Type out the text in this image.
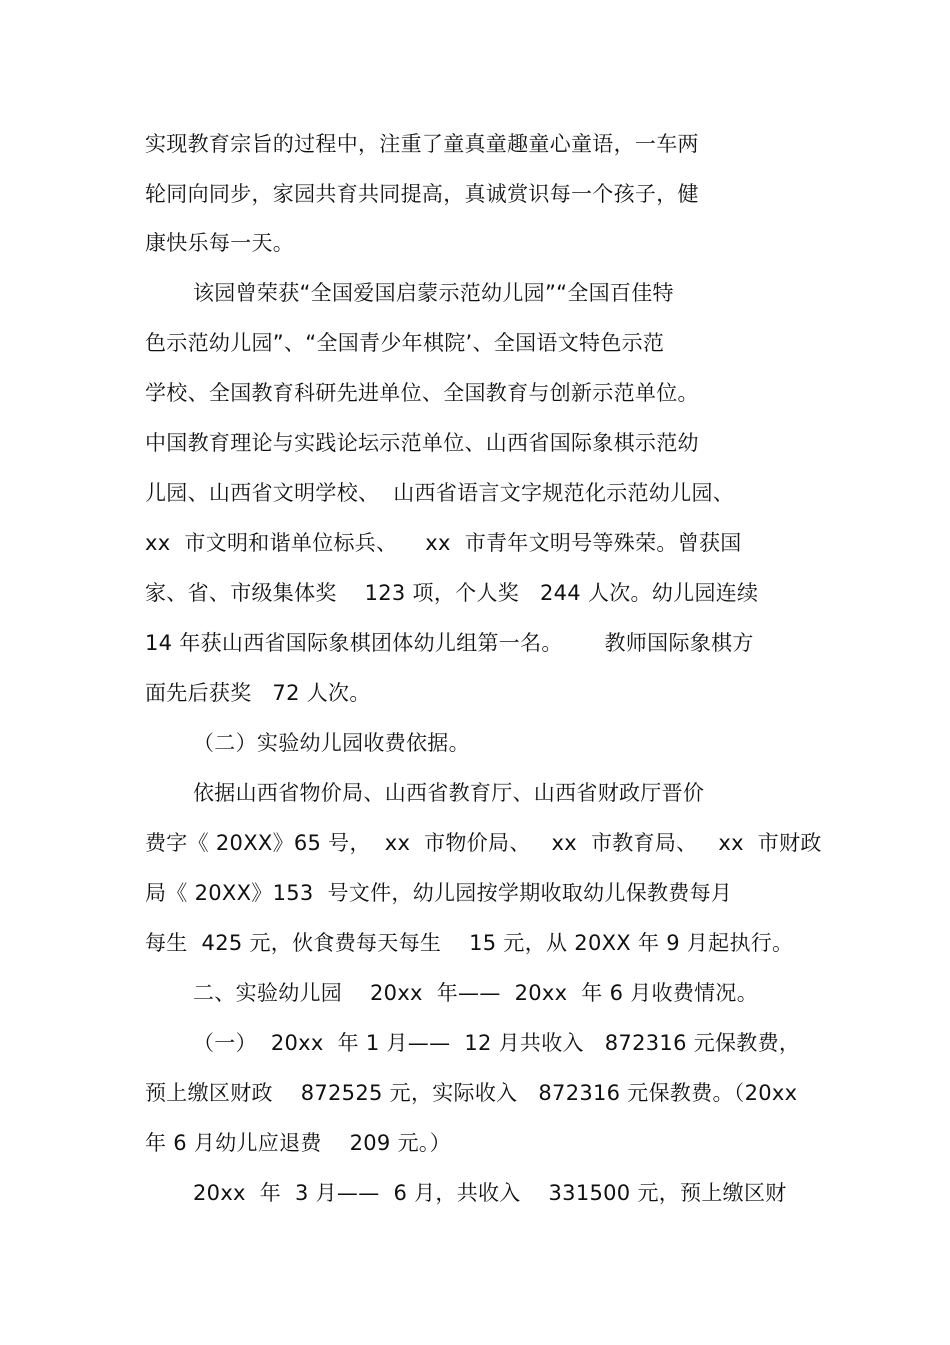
实现教育宗旨的过程中，注重了童真童趣童心童语，一车两
轮同向同步，家园共育共同提高，真诚赏识每一个孩子，健
康快乐每一天。
该园曾荣获“全国爱国启蒙示范幼儿园”“全国百佳特
色示范幼儿园”、“全国青少年棋院’、全国语文特色示范
学校、全国教育科研先进单位、全国教育与创新示范单位。
中国教育理论与实践论坛示范单位、山西省国际象棋示范幼
儿园、山西省文明学校、  山西省语言文字规范化示范幼儿园、
xx  市文明和谐单位标兵、    xx  市青年文明号等殊荣。曾获国
家、省、市级集体奖    123 项，个人奖   244 人次。幼儿园连续
14 年获山西省国际象棋团体幼儿组第一名。      教师国际象棋方
面先后获奖   72 人次。
（二）实验幼儿园收费依据。
依据山西省物价局、山西省教育厅、山西省财政厅晋价
费字《 20XX》65 号，  xx  市物价局、   xx  市教育局、   xx  市财政
局《 20XX》153  号文件，幼儿园按学期收取幼儿保教费每月
每生  425 元，伙食费每天每生    15 元，从 20XX 年 9 月起执行。
二、实验幼儿园    20xx  年——  20xx  年 6 月收费情况。
（一）  20xx  年 1 月——  12 月共收入   872316 元保教费，
预上缴区财政    872525 元，实际收入   872316 元保教费。（20xx
年 6 月幼儿应退费    209 元。）
20xx  年  3 月——  6 月，共收入    331500 元，预上缴区财
